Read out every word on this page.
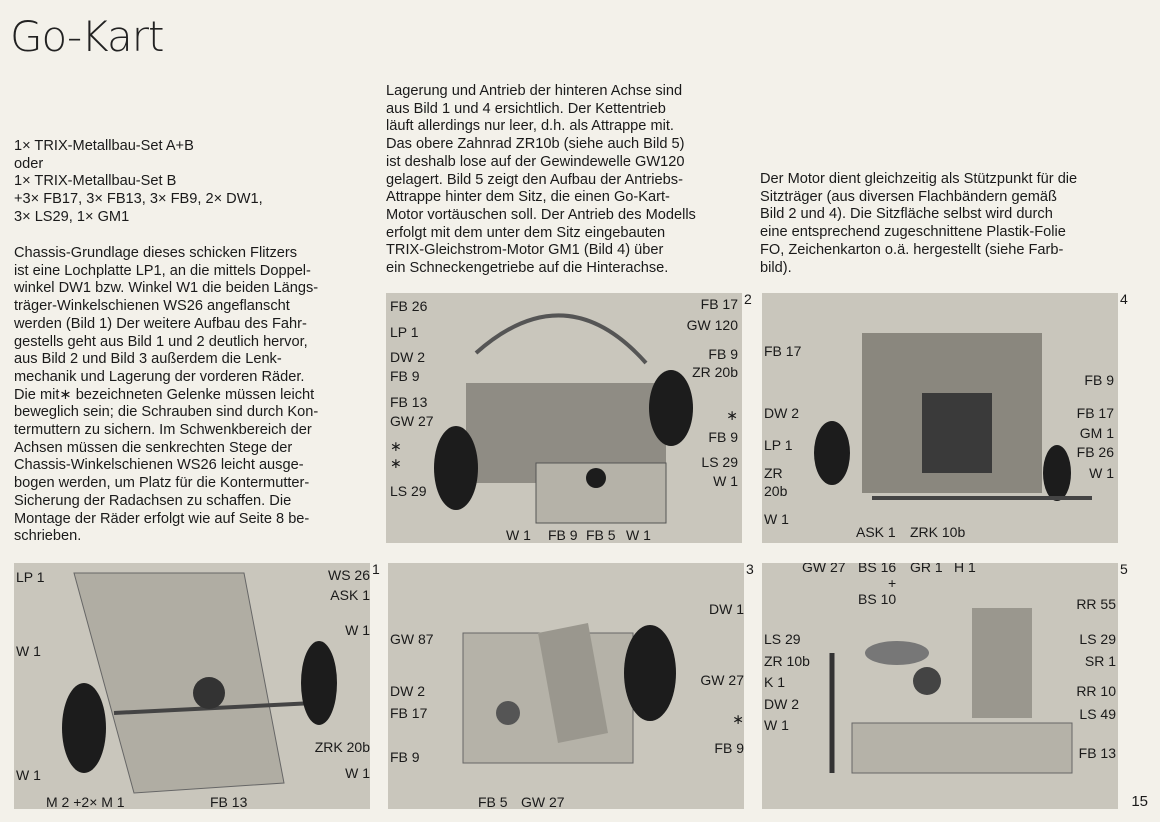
Go-Kart

1× TRIX-Metallbau-Set A+B

oder

1× TRIX-Metallbau-Set B

+3× FB17, 3× FB13, 3× FB9, 2× DW1,

3× LS29, 1× GM1

Chassis-Grundlage dieses schicken Flitzers

ist eine Lochplatte LP1, an die mittels Doppel-

winkel DW1 bzw. Winkel W1 die beiden Längs-

träger-Winkelschienen WS26 angeflanscht

werden (Bild 1) Der weitere Aufbau des Fahr-

gestells geht aus Bild 1 und 2 deutlich hervor,

aus Bild 2 und Bild 3 außerdem die Lenk-

mechanik und Lagerung der vorderen Räder.

Die mit∗ bezeichneten Gelenke müssen leicht

beweglich sein; die Schrauben sind durch Kon-

termuttern zu sichern. Im Schwenkbereich der

Achsen müssen die senkrechten Stege der

Chassis-Winkelschienen WS26 leicht ausge-

bogen werden, um Platz für die Kontermutter-

Sicherung der Radachsen zu schaffen. Die

Montage der Räder erfolgt wie auf Seite 8 be-

schrieben.

Lagerung und Antrieb der hinteren Achse sind

aus Bild 1 und 4 ersichtlich. Der Kettentrieb

läuft allerdings nur leer, d.h. als Attrappe mit.

Das obere Zahnrad ZR10b (siehe auch Bild 5)

ist deshalb lose auf der Gewindewelle GW120

gelagert. Bild 5 zeigt den Aufbau der Antriebs-

Attrappe hinter dem Sitz, die einen Go-Kart-

Motor vortäuschen soll. Der Antrieb des Modells

erfolgt mit dem unter dem Sitz eingebauten

TRIX-Gleichstrom-Motor GM1 (Bild 4) über

ein Schneckengetriebe auf die Hinterachse.

Der Motor dient gleichzeitig als Stützpunkt für die

Sitzträger (aus diversen Flachbändern gemäß

Bild 2 und 4). Die Sitzfläche selbst wird durch

eine entsprechend zugeschnittene Plastik-Folie

FO, Zeichenkarton o.ä. hergestellt (siehe Farb-

bild).

FB 26
LP 1
DW 2
FB 9
FB 13
GW 27
∗
∗
LS 29
FB 17
GW 120
FB 9
ZR 20b
∗
FB 9
LS 29
W 1
W 1 FB 9 FB 5 W 1
2
FB 17
DW 2
LP 1
ZR
20b
W 1
FB 9
FB 17
GM 1
FB 26
W 1
ASK 1 ZRK 10b
4
LP 1
W 1
W 1
WS 26
ASK 1
W 1
ZRK 20b
W 1
M 2 +2× M 1	FB 13
1
GW 87
DW 2
FB 17
FB 9
DW 1
GW 27
∗
FB 9
FB 5 GW 27
3	GW 27 BS 16
+
BS 10
GR 1 H 1
LS 29
ZR 10b
K 1
DW 2
W 1
RR 55
LS 29
SR 1
RR 10
LS 49
FB 13
5
15
